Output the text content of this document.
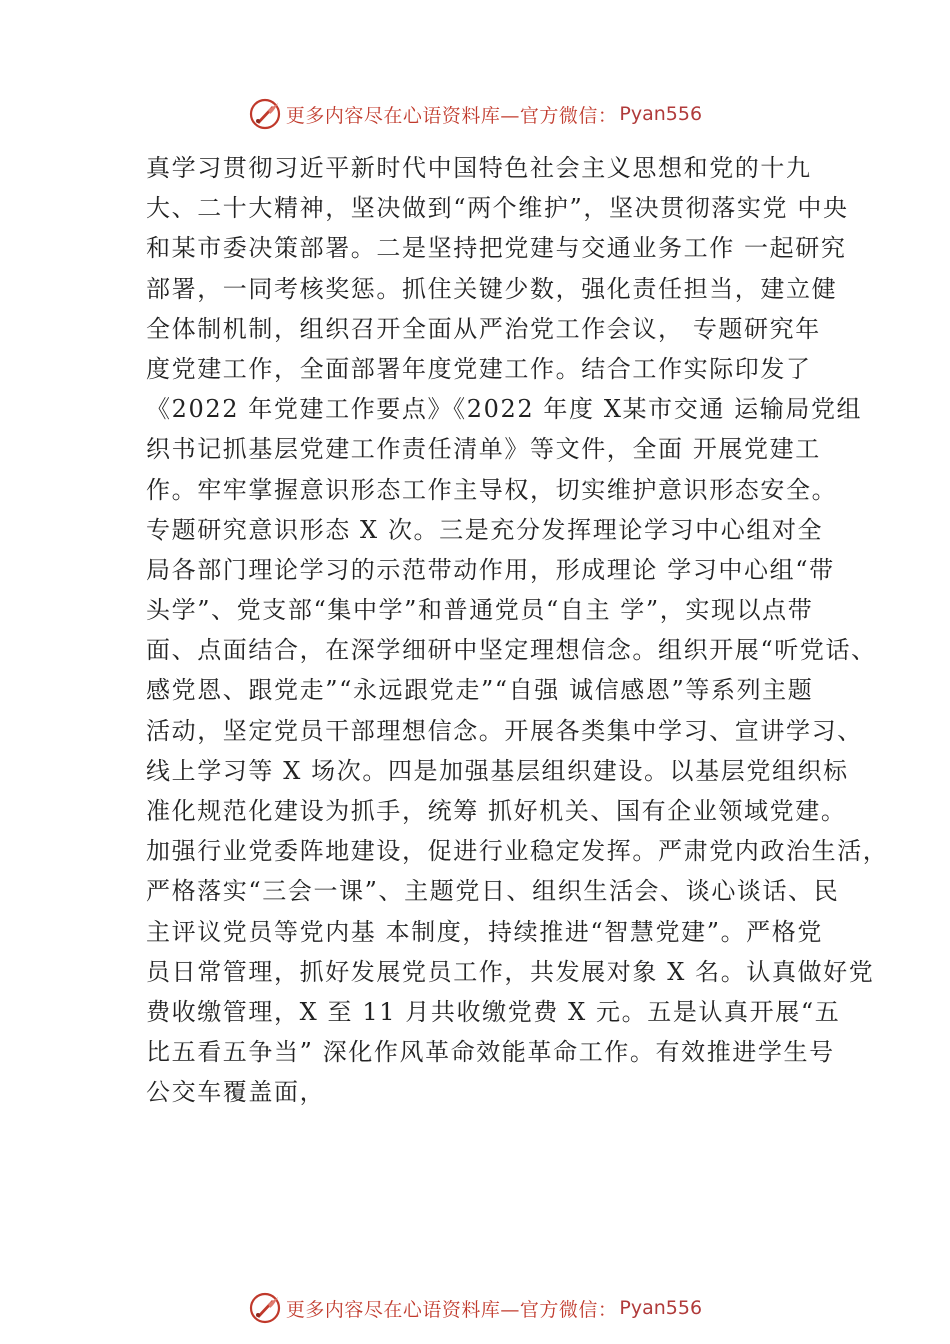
更多内容尽在心语资料库—官方微信： Pyan556
真学习贯彻习近平新时代中国特色社会主义思想和党的十九
大、二十大精神，坚决做到“两个维护”，坚决贯彻落实党 中央
和某市委决策部署。二是坚持把党建与交通业务工作 一起研究
部署，一同考核奖惩。抓住关键少数，强化责任担当，建立健
全体制机制，组织召开全面从严治党工作会议， 专题研究年
度党建工作，全面部署年度党建工作。结合工作实际印发了
《2022 年党建工作要点》《2022 年度 X某市交通 运输局党组
织书记抓基层党建工作责任清单》等文件，全面 开展党建工
作。牢牢掌握意识形态工作主导权，切实维护意识形态安全。
专题研究意识形态 X 次。三是充分发挥理论学习中心组对全
局各部门理论学习的示范带动作用，形成理论 学习中心组“带
头学”、党支部“集中学”和普通党员“自主 学”，实现以点带
面、点面结合，在深学细研中坚定理想信念。组织开展“听党话、
感党恩、跟党走”“永远跟党走”“自强 诚信感恩”等系列主题
活动，坚定党员干部理想信念。开展各类集中学习、宣讲学习、
线上学习等 X 场次。四是加强基层组织建设。以基层党组织标
准化规范化建设为抓手，统筹 抓好机关、国有企业领域党建。
加强行业党委阵地建设，促进行业稳定发挥。严肃党内政治生活，
严格落实“三会一课”、主题党日、组织生活会、谈心谈话、民
主评议党员等党内基 本制度，持续推进“智慧党建”。严格党
员日常管理，抓好发展党员工作，共发展对象 X 名。认真做好党
费收缴管理，X 至 11 月共收缴党费 X 元。五是认真开展“五
比五看五争当” 深化作风革命效能革命工作。有效推进学生号
公交车覆盖面，
更多内容尽在心语资料库—官方微信： Pyan556
